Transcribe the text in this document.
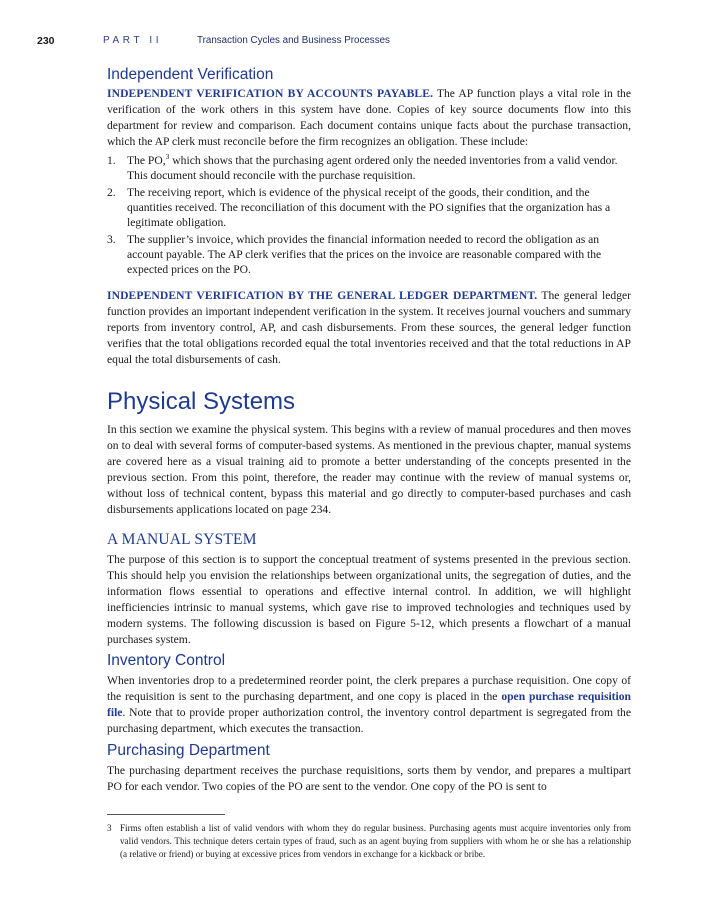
230	PART II	Transaction Cycles and Business Processes
Independent Verification

INDEPENDENT VERIFICATION BY ACCOUNTS PAYABLE. The AP function plays a vital role in the verification of the work others in this system have done. Copies of key source documents flow into this department for review and comparison. Each document contains unique facts about the purchase transaction, which the AP clerk must reconcile before the firm recognizes an obligation. These include:

1. The PO,$^3$ which shows that the purchasing agent ordered only the needed inventories from a valid vendor. This document should reconcile with the purchase requisition.
2. The receiving report, which is evidence of the physical receipt of the goods, their condition, and the quantities received. The reconciliation of this document with the PO signifies that the organization has a legitimate obligation.
3. The supplier’s invoice, which provides the financial information needed to record the obligation as an account payable. The AP clerk verifies that the prices on the invoice are reasonable compared with the expected prices on the PO.

INDEPENDENT VERIFICATION BY THE GENERAL LEDGER DEPARTMENT. The general ledger function provides an important independent verification in the system. It receives journal vouchers and summary reports from inventory control, AP, and cash disbursements. From these sources, the general ledger function verifies that the total obligations recorded equal the total inventories received and that the total reductions in AP equal the total disbursements of cash.

Physical Systems

In this section we examine the physical system. This begins with a review of manual procedures and then moves on to deal with several forms of computer-based systems. As mentioned in the previous chapter, manual systems are covered here as a visual training aid to promote a better understanding of the concepts presented in the previous section. From this point, therefore, the reader may continue with the review of manual systems or, without loss of technical content, bypass this material and go directly to computer-based purchases and cash disbursements applications located on page 234.

A MANUAL SYSTEM

The purpose of this section is to support the conceptual treatment of systems presented in the previous section. This should help you envision the relationships between organizational units, the segregation of duties, and the information flows essential to operations and effective internal control. In addition, we will highlight inefficiencies intrinsic to manual systems, which gave rise to improved technologies and techniques used by modern systems. The following discussion is based on Figure 5-12, which presents a flowchart of a manual purchases system.

Inventory Control

When inventories drop to a predetermined reorder point, the clerk prepares a purchase requisition. One copy of the requisition is sent to the purchasing department, and one copy is placed in the open purchase requisition file. Note that to provide proper authorization control, the inventory control department is segregated from the purchasing department, which executes the transaction.

Purchasing Department

The purchasing department receives the purchase requisitions, sorts them by vendor, and prepares a multipart PO for each vendor. Two copies of the PO are sent to the vendor. One copy of the PO is sent to

3 Firms often establish a list of valid vendors with whom they do regular business. Purchasing agents must acquire inventories only from valid vendors. This technique deters certain types of fraud, such as an agent buying from suppliers with whom he or she has a relationship (a relative or friend) or buying at excessive prices from vendors in exchange for a kickback or bribe.
